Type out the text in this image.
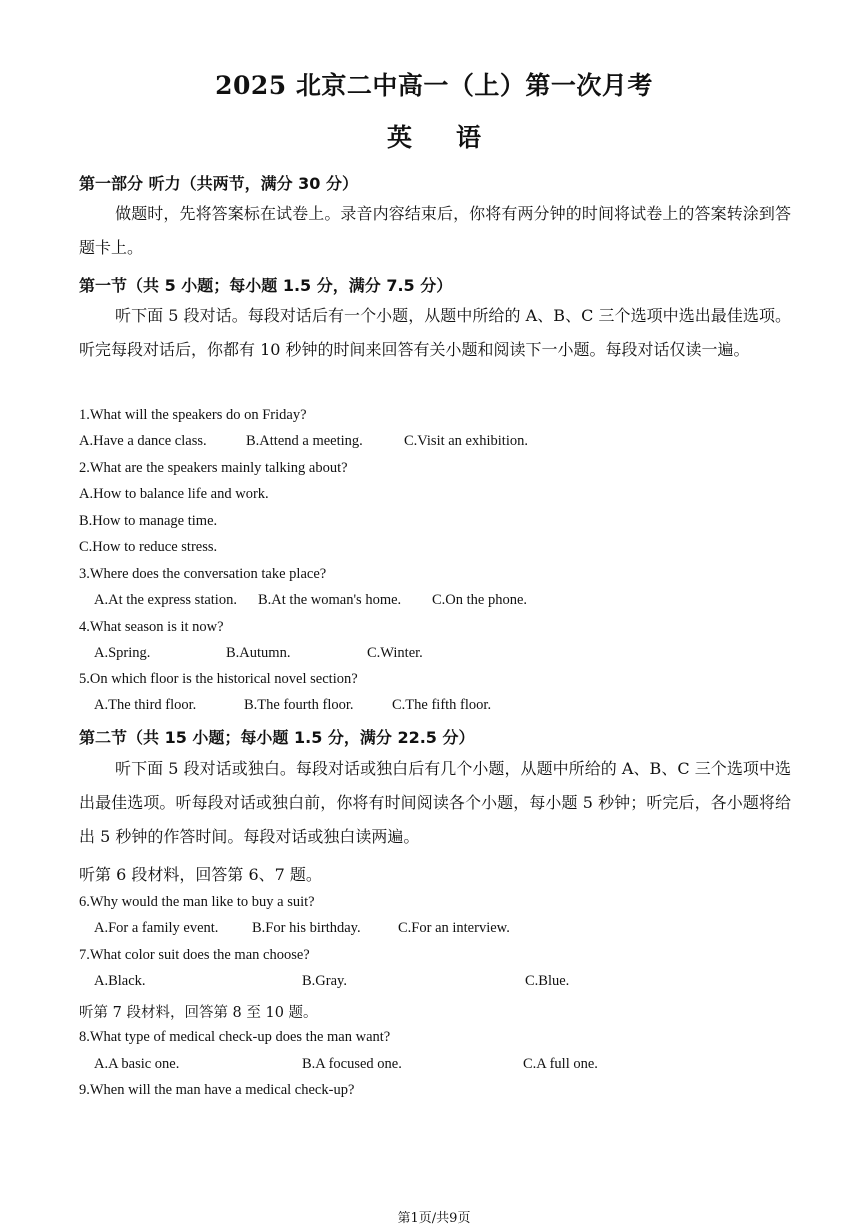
2025 北京二中高一（上）第一次月考
英语
第一部分 听力（共两节，满分 30 分）
做题时，先将答案标在试卷上。录音内容结束后，你将有两分钟的时间将试卷上的答案转涂到答题卡上。
第一节（共 5 小题；每小题 1.5 分，满分 7.5 分）
听下面 5 段对话。每段对话后有一个小题，从题中所给的 A、B、C 三个选项中选出最佳选项。听完每段对话后，你都有 10 秒钟的时间来回答有关小题和阅读下一小题。每段对话仅读一遍。
1.What will the speakers do on Friday?
A.Have a dance class.	B.Attend a meeting.	C.Visit an exhibition.
2.What are the speakers mainly talking about?
A.How to balance life and work.
B.How to manage time.
C.How to reduce stress.
3.Where does the conversation take place?
A.At the express station. B.At the woman's home. C.On the phone.
4.What season is it now?
A.Spring.	B.Autumn.	C.Winter.
5.On which floor is the historical novel section?
A.The third floor.	B.The fourth floor.	C.The fifth floor.
第二节（共 15 小题；每小题 1.5 分，满分 22.5 分）
听下面 5 段对话或独白。每段对话或独白后有几个小题，从题中所给的 A、B、C 三个选项中选出最佳选项。听每段对话或独白前，你将有时间阅读各个小题，每小题 5 秒钟；听完后，各小题将给出 5 秒钟的作答时间。每段对话或独白读两遍。
听第 6 段材料，回答第 6、7 题。
6.Why would the man like to buy a suit?
A.For a family event. B.For his birthday.	C.For an interview.
7.What color suit does the man choose?
A.Black.	B.Gray.	C.Blue.
听第 7 段材料，回答第 8 至 10 题。
8.What type of medical check-up does the man want?
A.A basic one.	B.A focused one.	C.A full one.
9.When will the man have a medical check-up?
第1页/共9页
